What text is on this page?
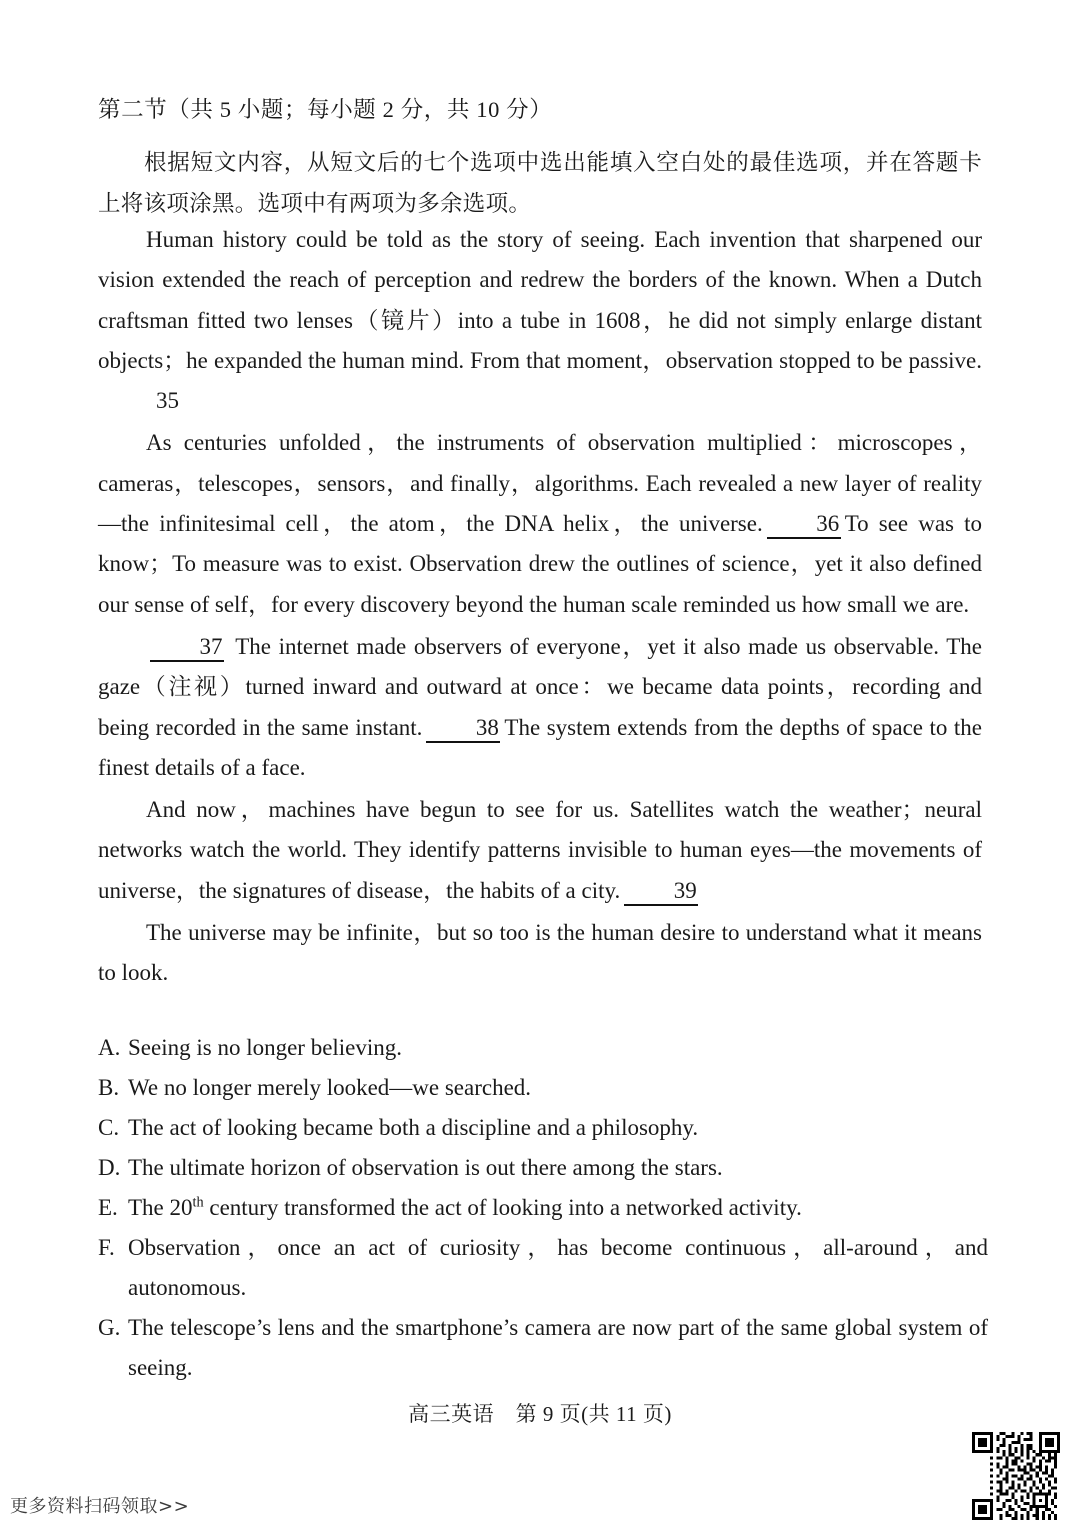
第二节（共 5 小题；每小题 2 分，共 10 分）
根据短文内容，从短文后的七个选项中选出能填入空白处的最佳选项，并在答题卡上将该项涂黑。选项中有两项为多余选项。

Human history could be told as the story of seeing. Each invention that sharpened our vision extended the reach of perception and redrew the borders of the known. When a Dutch craftsman fitted two lenses（镜片）into a tube in 1608，he did not simply enlarge distant objects；he expanded the human mind. From that moment，observation stopped to be passive.35

As centuries unfolded，the instruments of observation multiplied：microscopes，cameras，telescopes，sensors，and finally，algorithms. Each revealed a new layer of reality—the infinitesimal cell，the atom，the DNA helix，the universe. 36 To see was to know；To measure was to exist. Observation drew the outlines of science，yet it also defined our sense of self，for every discovery beyond the human scale reminded us how small we are.

37 The internet made observers of everyone，yet it also made us observable. The gaze（注视）turned inward and outward at once：we became data points，recording and being recorded in the same instant. 38 The system extends from the depths of space to the finest details of a face.

And now，machines have begun to see for us. Satellites watch the weather；neural networks watch the world. They identify patterns invisible to human eyes—the movements of universe，the signatures of disease，the habits of a city. 39

The universe may be infinite，but so too is the human desire to understand what it means to look.

A. Seeing is no longer believing.
B. We no longer merely looked—we searched.
C. The act of looking became both a discipline and a philosophy.
D. The ultimate horizon of observation is out there among the stars.
E. The 20th century transformed the act of looking into a networked activity.
F. Observation，once an act of curiosity，has become continuous，all-around，and autonomous.
G. The telescope’s lens and the smartphone’s camera are now part of the same global system of seeing.
高三英语　第 9 页(共 11 页)
更多资料扫码领取>>
